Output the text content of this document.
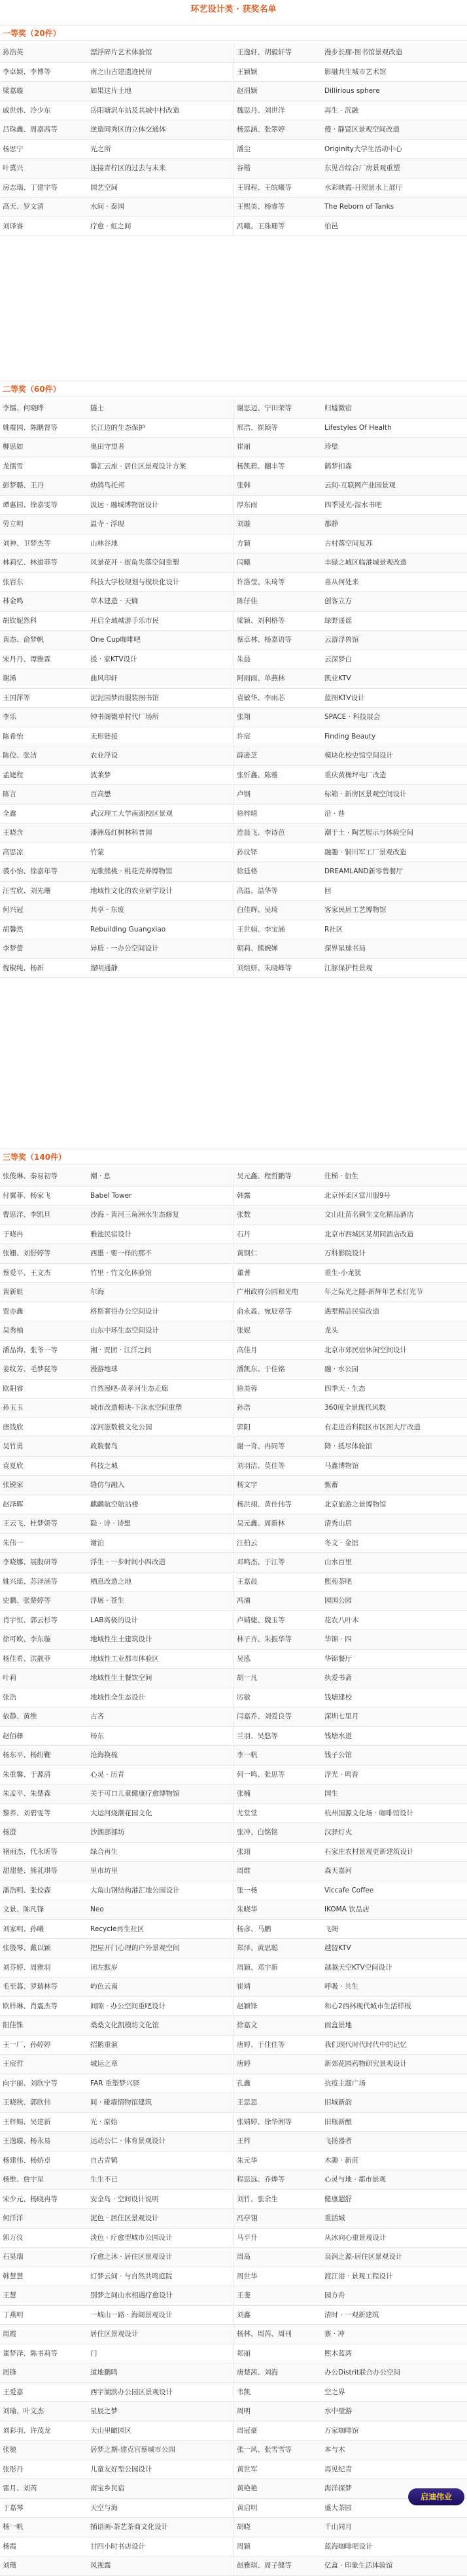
环艺设计类 · 获奖名单
一等奖（20件）
孙浩英	漂浮碎片艺术体验馆	王逸轩、胡毅轩等	漫步长廊-图书馆景观改造
李卓颖、李博等	南之山古建遗迹民宿	王颖颖	影融共生城市艺术馆
梁嘉璇	如果这片土地	赵涓颖	Dillirious sphere
戚世炜、冷少东	岳阳塘沢车站及其城中村改造	魏思丹、刘世洋	再生 · 沉融
吕珠鑫、周嘉茜等	逆造同秀区的立体交通体	杨思涵、张翠婷	傻 · 静贤区景观空间改造
杨思宁	光之所	潘尘	Originity大学生活动中心
叶冀兴	连接青柠区的过去与未来	谷楷	东见音综合厂房景观重塑
房志瑞、丁建宇等	园艺空间	王锦程、王皖曦等	水彩映霞-日照景水上展厅
高天、罗文清	水间 · 泰园	王熙美、杨睿等	The Reborn of Tanks
刘译睿	疗愈 · 虹之间	冯曦、王珠珊等	伯邑
二等奖（60件）
李镭、何晓晔	隧士	谢思迈、宁田荣等	归墟微宿
姚震园、陈鹏督等	长江边的生态保护	邢浩、崔颖等	Lifestyles Of Health
柳思如	奥田守望者	崔丽	珍璧
龙儒雪	馨汇云座 · 居住区景观设计方案	杨凯碧、翻丰等	鹤梦扣森
彭梦璐、王丹	幼鸽鸟托邦	张韩	云间-互联网产业园景观
谭惠园、徐嘉雯等	汲远 · 融城博物馆设计	厚东雨	四季浸光-湿水书吧
劳立明	温寺 · 浮现	刘璇	都静
刘神、卫梦杰等	山林谷地	方颖	古村落空间复苏
林莉忆、林道菲等	风景花开 · 街角失落空间重塑	闫曦	丰碌之城区临港城景观改造
张岩东	科技大学校规划与模块化设计	许洛莹、朱琦等	喜从何处来
林金鸣	草木建造 · 天熵	陈仔佳	创客立方
胡钦妮然科	开启全域城游手乐市民	梁颖、刘利格等	绿野遥谣
黄态、俞梦帆	One Cup咖啡吧	蔡卓林、杨嘉语等	云游浮兽馆
宋丹丹、谭雅霖	援 · 家KTV设计	朱晨	云深梦白
谢浠	曲风印轩	阿雨雨、单燕林	凯业KTV
王国萍等	泥泥园梦而服装图书馆	袁敏华、李雨芯	蓝图KTV设计
李乐	钟书阁微单村代厂场所	张翔	SPACE · 科技展会
陈希怡	无形链接	许宸	Finding Beauty
陈佼、张洁	农业浮设	薛逊芝	模块化校史馆空间设计
孟婕程	波莱梦	张忻鑫、陈雅	重庆黄桷坪电厂改造
陈言	百高懋	卢钢	标箱 · 新房区景观空间设计
全鑫	武汉理工大学南湖校区景观	徐梓晴	沿 · 巷
王晓含	潘洲岛红树林科普园	连晨飞、李诗芭	潮于土 · 陶艺展示与体验空间
高思凉	竹蒙	孙玟铎	融趣 · 铜川军工厂景观改造
裘小怡、徐嘉年等	光歌熊桃 · 桃花壳养博物馆	徐廷格	DREAMLAND新零售餐厅
汪雪欣、刘先珊	地域性文化的农业研学设计	高温、温华等	回
何兴冠	共享 · 东废	白佳辉、吴琦	客家民居工艺博物馆
胡馨然	Rebuilding Guangxiao	王世娟、李宝涵	R社区
李梦蕾	异质 · 一办公空间设计	朝莉、熊婉婵	探界星球书局
倪椒纯、杨新	溜明通静	刘煊妍、朱晓峰等	江豚保护性景观
三等奖（140件）
张俊琳、秦易初等	潮 · 息	吴元鑫、程哲鹏等	往梯 · 衍生
付翼菲、杨家飞	Babel Tower	韩露	北京怀柔区富川服9号
曹思洋、李凯旦	沙海 · 黄河三角洲水生态修复	张数	文山壮苗名刺生文化精品酒店
于晓冉	雅池民宿设计	石丹	北京市西城区某胡同酒店改造
张姗、刘舒婷等	西墨 · 要一样的那不	黄钢仁	万科影院设计
蔡爱平、王文杰	竹里 · 竹文化体验馆	董耆	重生-小龙犹
黄新姐	尔海	广州政府公园和光电	年之际光之隧-新辉年艺术灯光节
贾亦鑫	格斯奢得办公空间设计	俞永淼、宛辰章等	遇墅精品民宿改造
吴秀柚	山东中环生态空间设计	张妮	龙头
潘品淘、张爷一等	湘 · 贾团 · 江洋之间	高佳月	北京市郊民宿休闲空间设计
姜纹芳、毛梦琵等	漫游地球	潘凯东、于佳铭	融 · 水公园
欧阳睿	自然漫吧-黄孝河生态走廊	徐美蓉	四季天 · 生态
孙玉玉	城市改造模块-下沫水空间重塑	孙浩	360度全景现代风数
唐钱欣	凉河滋数模文化公园	郭阳	有走进首科院区市区图大厅改造
吴竹勇	政数餐鸟	谢一奇、冉同等	降 · 抵尽体验馆
袁夏欣	科技之城	刘羽洁、莫佳等	马鑫博物馆
张锐家	缝仿与融入	杨文宇	甄蓄
赵泽晖	麒麟航空航站楼	杨洪翊、黄佳伟等	北京旅游之景博物馆
王云飞、杜梦妍等	隐 · 诗 · 诗想	吴元鑫、周新林	清秀山居
朱伟一	谢泊	汪柏云	冬文 · 金馆
李晓娜、展殷研等	浮生 · 一步时间小四改造	邓鸣杰、于江等	山水百里
姚兴瑶、苏泽涵等	栖息改造之地	王嘉晨	熙苑茶吧
史鹏、张楚婷等	浮屠 · 苍生	冯浦	园国公园
肖宇恒、郭云杉等	LAB离极的设计	卢婧婕、魏玉等	花农八叶木
徐可欧、李东璇	地域性生土建筑设计	林子卉、朱振华等	华锦 · 四
杨佳希、洪靓菲	地域性工业都市体验区	吴泓	华锦餐厅
叶莉	地域性生土餐饮空间	胡一凡	执爱书斋
张浩	地域性全生态设计	厉敏	钱塘建校
依静、黄维	古吝	闫嘉乔、刘爱良等	深圳七里月
赵佰彝	杨东	兰羽、吴悠等	钱塘水道
杨东平、杨纷鞭	沧海换梳	李一帆	钱子公馆
朱重馨、于源清	心灵 · 历青	何一鸣、张思等	浮光 · 鸣香
朱孟平、朱楚森	关于可口儿童健康疗愈博物馆	张楠	国生
黎荞、刘碧雯等	大运河烧潮花园文化	尤堂堂	杭州国源文化场 · 咖啡馆设计
杨澄	沙湖部部坊	张冲、白铭铭	汉驿灯火
褚雨杰、代永昕等	绿合再生	张翊	石家庄农村景观更新建筑设计
甜甜楚、熊芤琪等	里市坊里	周维	森天嘉河
潘浩明、张佼森	大角山钢结构港汇地公园设计	张一杨	Viccafe Coffee
文景、陈凡锋	Neo	朱晓华	IKOMA 饮品店
刘家明、孙曦	Recycle再生社区	杨彦、马鹏	飞阁
张殷琴、戴以颖	把屋开门心理的户外景观空间	郑泽、黄思聪	越盟KTV
刘芬婷、周雅羽	闭左默岁	周颖、邓宇新	越越天空KTV空间设计
毛至暮、罗瑞林等	屿色云南	崔靖	呼吸 · 共生
欧梓琳、肖震杰等	间隙 · 办公空间重吧设计	赵颖锋	和心2西林现代城市生活样板
阳佳铢	桑桑文化凯模坊文化馆	徐嘉文	雨盒景地
王一厂、孙婷婷	招鹅重演	唐婷、于佳佳等	我们现代时代时代中的记忆
王宸哲	城运之章	唐婷	新郊花园药物研究景观设计
向宇丽、刘欣宁等	FAR 重塑梦兴驿	孔鑫	抗疫主题广场
王晓秋、郭欣伟	间 · 碰墙情物馆建筑	王思思	旧城新韵
王梓赐、吴建新	光 · 原始	张婧婷、徐华湘等	旧瓶新酿
王逸璇、杨永易	运动公仁 · 体育景观设计	王梓	飞扬器者
杨建伟、杨娇卓	自古青鹤	朱元华	木趣 · 新苗
杨维、詹宇星	生生不已	程思远、乔烨等	心灵与地 · 都市景观
宋少元、杨晓冉等	安全岛 · 空间设计说明	刘竹、张余生	健康超舒
何洋洋	泥色 · 居住区景观设计	冯亭翎	重活城
郭万仪	淡色 · 疗愈型城市公园设计	马平升	从冰向心重景观设计
石昊瑞	疗愈之沐 · 居住区景观设计	周岛	泉润之源-居住区景观设计
韩慧慧	灯梦云间 · 与自然共鸣庭院	周世华	渡江港 · 景观工程设计
王慧	别梦之间山水相遇疗愈设计	王斐	园方舟
丁燕明	一城山一路 · 海阔景观设计	刘鑫	清时 · 一观新建筑
周霞	居住区景观设计	杨林、周芮、周刊	寨 · 冲
董梦泽、陈书莉等	门	郑丽	熙木蓝湾
周锋	道地鹏鸣	唐楚茜、刘海	办公Distrit联合办公空间
王爱嘉	西宇湖滨办公园区景观设计	韦凯	空之界
刘瑜、叶文杰	星辰之梦	周明	水中璧游
刘彩羽、许茂龙	天山里瞰园区	周冠豪	万家咖啡馆
张驰	居梦之期-建克宫蔡城市公园	张一风、张雪雪等	本与木
张彤丹	儿童友好型公园设计	黄世军	再见纪青
雷月、刘芮	南宝乡民宿	黄艳艳	海洋探梦
于嘉琴	天空与海	黄启明	盛大茶园
杨一帆	插语画-茶艺茶商文化设计	胡晓	千山同月
杨霞	甘四小时书店设计	周颖	蓝海咖啡吧设计
刘瑾	风视露	赵雅琪、周子健等	亿盒 · 印象生活体验馆
启迪伟业
